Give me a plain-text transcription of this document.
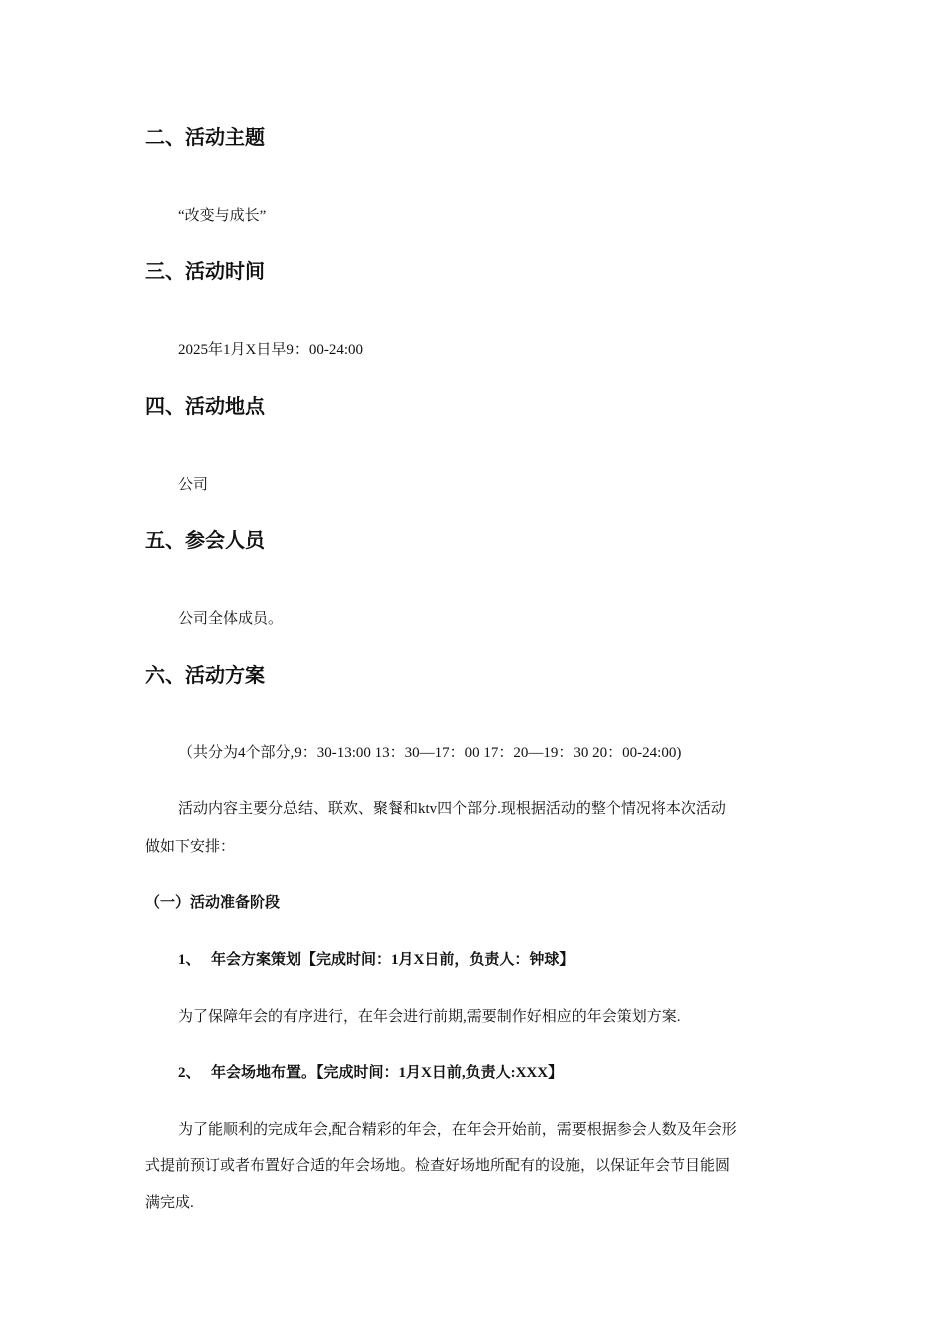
二、活动主题

“改变与成长”

三、活动时间

2025年1月X日早9：00-24:00

四、活动地点

公司

五、参会人员

公司全体成员。

六、活动方案

（共分为4个部分,9：30-13:00 13：30—17：00 17：20—19：30 20：00-24:00)

活动内容主要分总结、联欢、聚餐和ktv四个部分.现根据活动的整个情况将本次活动

做如下安排：

（一）活动准备阶段

1、 年会方案策划【完成时间：1月X日前，负责人：钟球】

为了保障年会的有序进行，在年会进行前期,需要制作好相应的年会策划方案.

2、 年会场地布置。【完成时间：1月X日前,负责人:XXX】

为了能顺利的完成年会,配合精彩的年会，在年会开始前，需要根据参会人数及年会形

式提前预订或者布置好合适的年会场地。检查好场地所配有的设施，以保证年会节目能圆

满完成.
